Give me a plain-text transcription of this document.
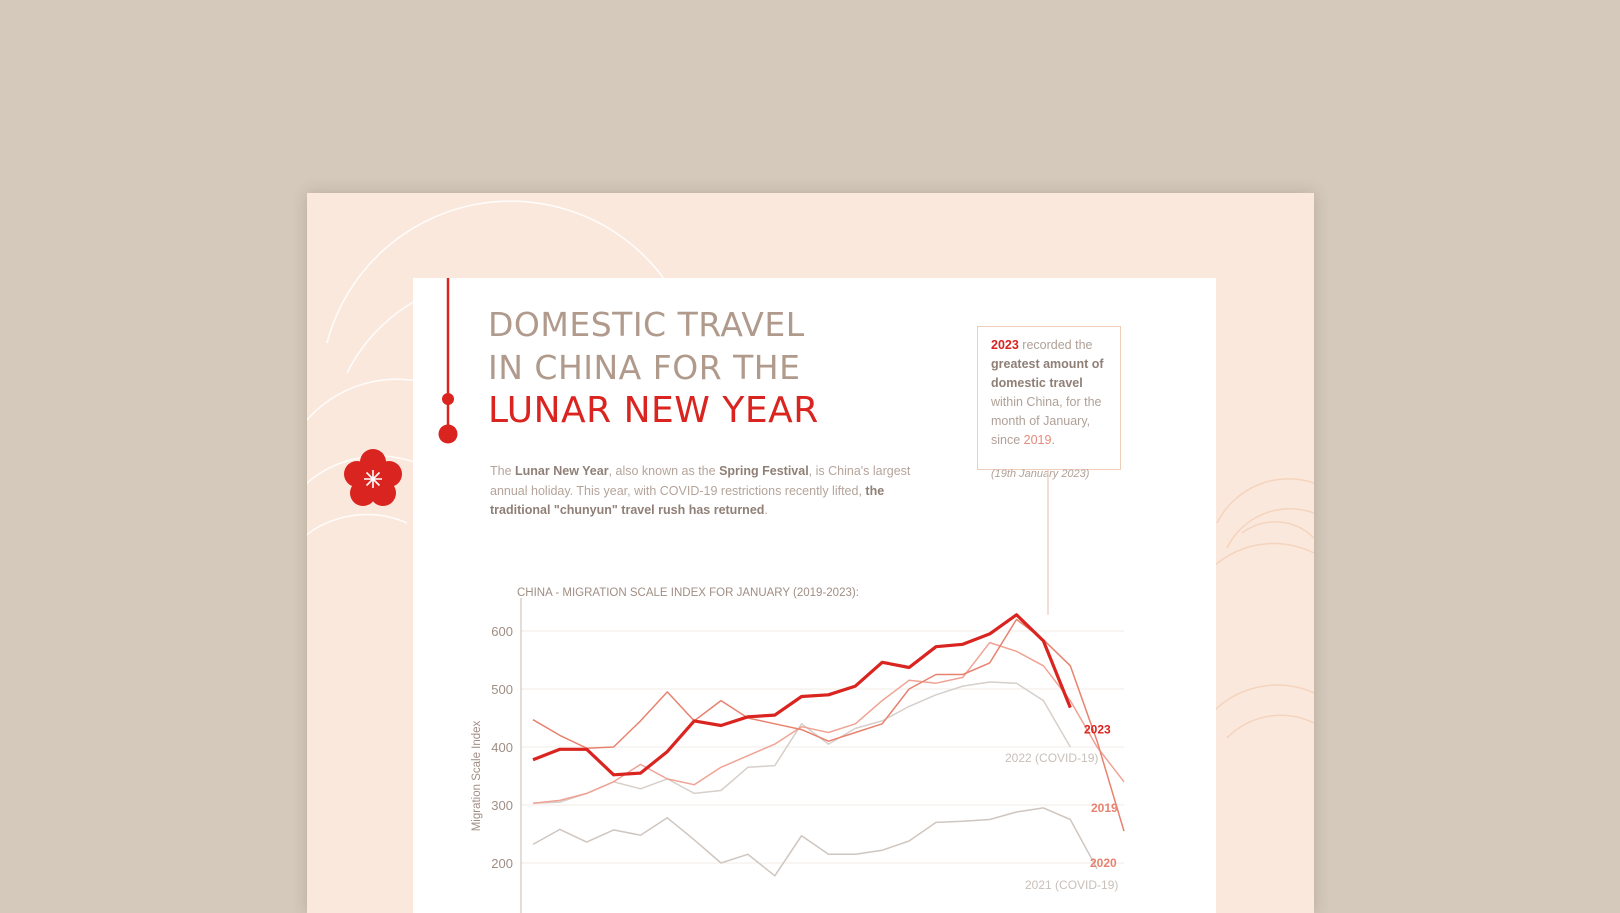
DOMESTIC TRAVEL
IN CHINA FOR THE
LUNAR NEW YEAR

The Lunar New Year, also known as the Spring Festival, is China's largest annual holiday. This year, with COVID-19 restrictions recently lifted, the traditional "chunyun" travel rush has returned.

2023 recorded the greatest amount of domestic travel within China, for the month of January, since 2019.
(19th January 2023)
CHINA - MIGRATION SCALE INDEX FOR JANUARY (2019-2023):
200
300
400
500
600
Migration Scale Index	2023
2022 (COVID-19)
2019
2020
2021 (COVID-19)
